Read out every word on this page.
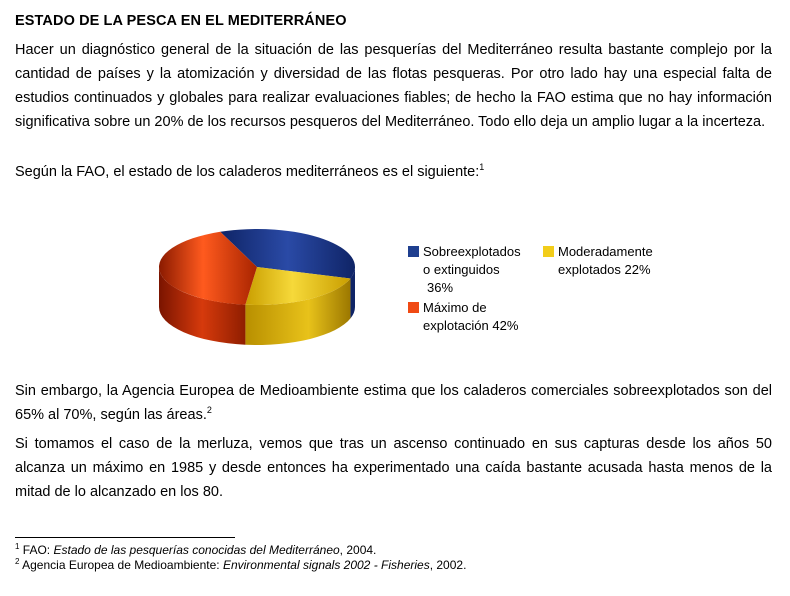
ESTADO DE LA PESCA EN EL MEDITERRÁNEO

Hacer un diagnóstico general de la situación de las pesquerías del Mediterráneo resulta bastante complejo por la cantidad de países y la atomización y diversidad de las flotas pesqueras. Por otro lado hay una especial falta de estudios continuados y globales para realizar evaluaciones fiables; de hecho la FAO estima que no hay información significativa sobre un 20% de los recursos pesqueros del Mediterráneo. Todo ello deja un amplio lugar a la incerteza.

Según la FAO, el estado de los caladeros mediterráneos es el siguiente:$^1$

Sobreexplotados
o extinguidos
36%
Moderadamente
explotados 22%
Máximo de
explotación 42%

Sin embargo, la Agencia Europea de Medioambiente estima que los caladeros comerciales sobreexplotados son del 65% al 70%, según las áreas.$^2$

Si tomamos el caso de la merluza, vemos que tras un ascenso continuado en sus capturas desde los años 50 alcanza un máximo en 1985 y desde entonces ha experimentado una caída bastante acusada hasta menos de la mitad de lo alcanzado en los 80.

$^1$ FAO: Estado de las pesquerías conocidas del Mediterráneo, 2004.
$^2$ Agencia Europea de Medioambiente: Environmental signals 2002 - Fisheries, 2002.
